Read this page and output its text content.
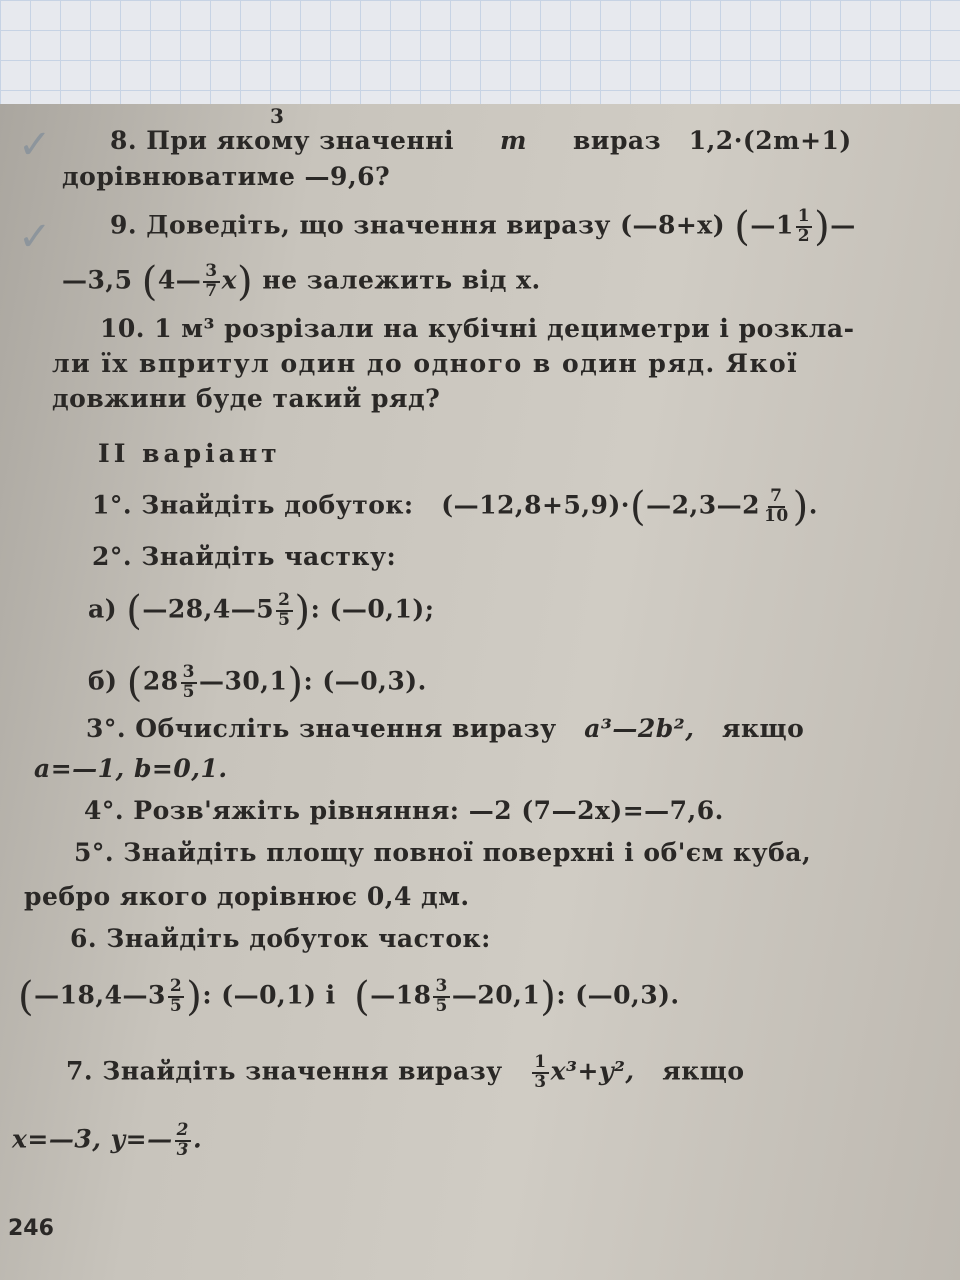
3
✓ 8. При якому значенні m вираз 1,2·(2m+1)
дорівнюватиме —9,6?
✓ 9. Доведіть, що значення виразу (—8+x) (—1 $\frac{1}{2}$ )—
—3,5 (4— $\frac{3}{7} x$) не залежить від x.
10. 1 м³ розрізали на кубічні дециметри і розкла-
ли їх впритул один до одного в один ряд. Якої
довжини буде такий ряд?
II варіант
1°. Знайдіть добуток: (—12,8+5,9)·(—2,3—2 $\frac{7}{10}$ ).
2°. Знайдіть частку:
а) (—28,4—5 $\frac{2}{5}$ ): (—0,1);
б) ($28 \frac{3}{5}$ —30,1): (—0,3).
3°. Обчисліть значення виразу a³—2b², якщо
a=—1, b=0,1.
4°. Розв'яжіть рівняння: —2 (7—2x)=—7,6.
5°. Знайдіть площу повної поверхні і об'єм куба,
ребро якого дорівнює 0,4 дм.
6. Знайдіть добуток часток:
(—18,4—3 $\frac{2}{5}$ ): (—0,1) і (—18 $\frac{3}{5}$ —20,1): (—0,3).
7. Знайдіть значення виразу $\frac{1}{3} x^3+y^2$, якщо
x=—3, y=— $\frac{2}{3}$ .
246
